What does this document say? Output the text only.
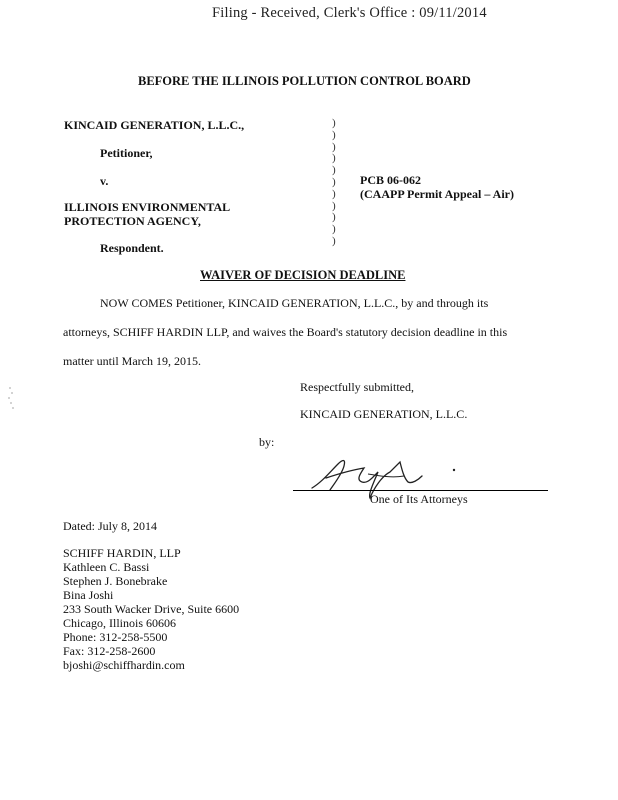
Filing - Received, Clerk's Office : 09/11/2014
BEFORE THE ILLINOIS POLLUTION CONTROL BOARD
KINCAID GENERATION, L.L.C.,
Petitioner,
v.
ILLINOIS ENVIRONMENTAL
PROTECTION AGENCY,
Respondent.
)
)
)
)
)
)
)
)
)
)
)
PCB 06-062
(CAAPP Permit Appeal – Air)
WAIVER OF DECISION DEADLINE
NOW COMES Petitioner, KINCAID GENERATION, L.L.C., by and through its
attorneys, SCHIFF HARDIN LLP, and waives the Board's statutory decision deadline in this
matter until March 19, 2015.
Respectfully submitted,
KINCAID GENERATION, L.L.C.
by:
One of Its Attorneys
Dated: July 8, 2014
SCHIFF HARDIN, LLP
Kathleen C. Bassi
Stephen J. Bonebrake
Bina Joshi
233 South Wacker Drive, Suite 6600
Chicago, Illinois 60606
Phone: 312-258-5500
Fax: 312-258-2600
bjoshi@schiffhardin.com
